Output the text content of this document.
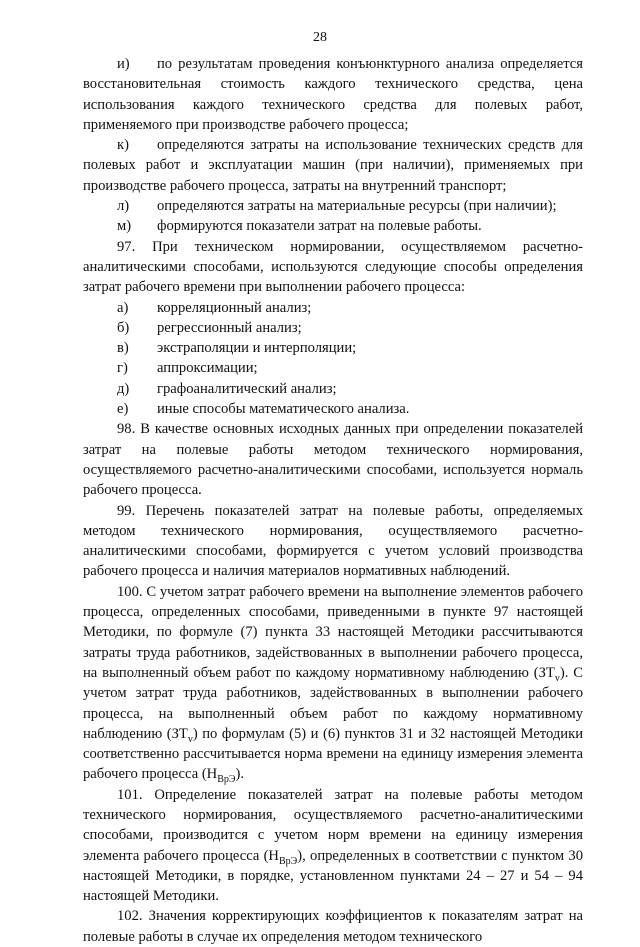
28

и) по результатам проведения конъюнктурного анализа определяется восстановительная стоимость каждого технического средства, цена использования каждого технического средства для полевых работ, применяемого при производстве рабочего процесса;

к) определяются затраты на использование технических средств для полевых работ и эксплуатации машин (при наличии), применяемых при производстве рабочего процесса, затраты на внутренний транспорт;

л)	определяются затраты на материальные ресурсы (при наличии);

м)	формируются показатели затрат на полевые работы.

97. При техническом нормировании, осуществляемом расчетно-аналитическими способами, используются следующие способы определения затрат рабочего времени при выполнении рабочего процесса:

а)	корреляционный анализ;

б)	регрессионный анализ;

в)	экстраполяции и интерполяции;

г)	аппроксимации;

д)	графоаналитический анализ;

е)	иные способы математического анализа.

98. В качестве основных исходных данных при определении показателей затрат на полевые работы методом технического нормирования, осуществляемого расчетно-аналитическими способами, используется нормаль рабочего процесса.

99. Перечень показателей затрат на полевые работы, определяемых методом технического нормирования, осуществляемого расчетно-аналитическими способами, формируется с учетом условий производства рабочего процесса и наличия материалов нормативных наблюдений.

100. С учетом затрат рабочего времени на выполнение элементов рабочего процесса, определенных способами, приведенными в пункте 97 настоящей Методики, по формуле (7) пункта 33 настоящей Методики рассчитываются затраты труда работников, задействованных в выполнении рабочего процесса, на выполненный объем работ по каждому нормативному наблюдению $(ЗТ_v)$. С учетом затрат труда работников, задействованных в выполнении рабочего процесса, на выполненный объем работ по каждому нормативному наблюдению $(ЗТ_v)$ по формулам (5) и (6) пунктов 31 и 32 настоящей Методики соответственно рассчитывается норма времени на единицу измерения элемента рабочего процесса $(Н_{ВрЭ})$.

101. Определение показателей затрат на полевые работы методом технического нормирования, осуществляемого расчетно-аналитическими способами, производится с учетом норм времени на единицу измерения элемента рабочего процесса $(Н_{ВрЭ})$, определенных в соответствии с пунктом 30 настоящей Методики, в порядке, установленном пунктами 24 – 27 и 54 – 94 настоящей Методики.

102. Значения корректирующих коэффициентов к показателям затрат на полевые работы в случае их определения методом технического
